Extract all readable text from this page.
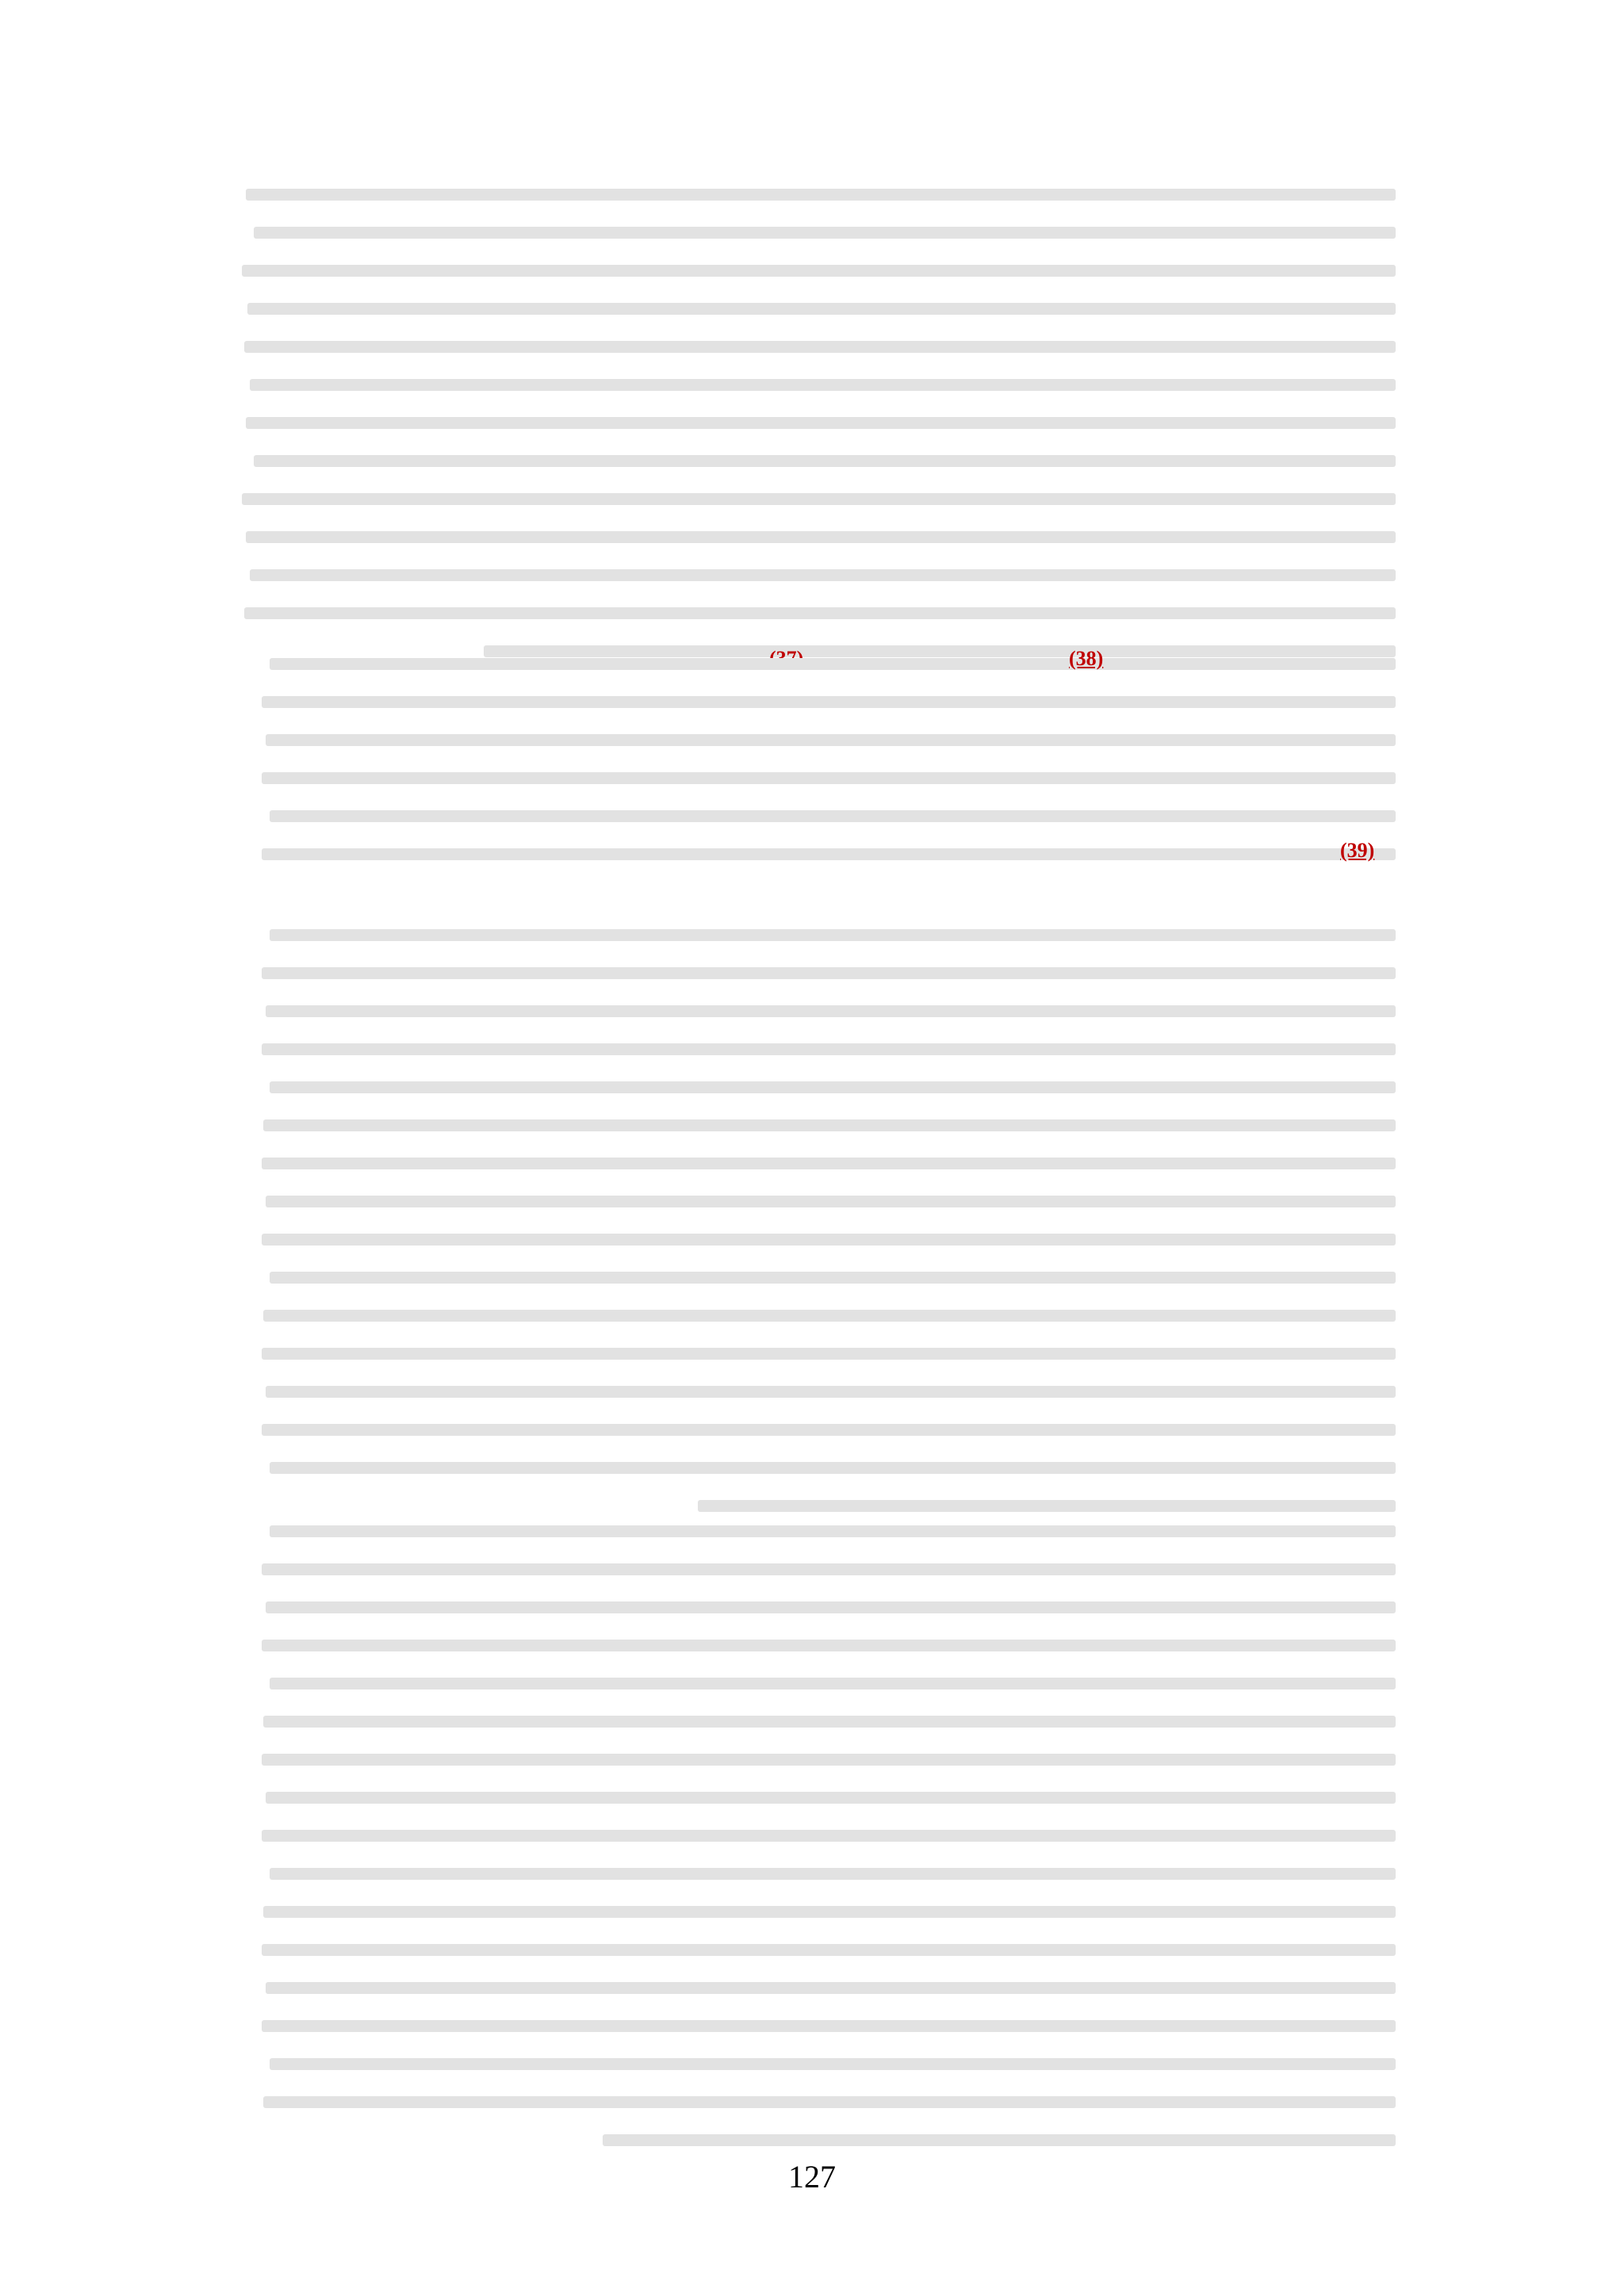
(38)
(39)
127
